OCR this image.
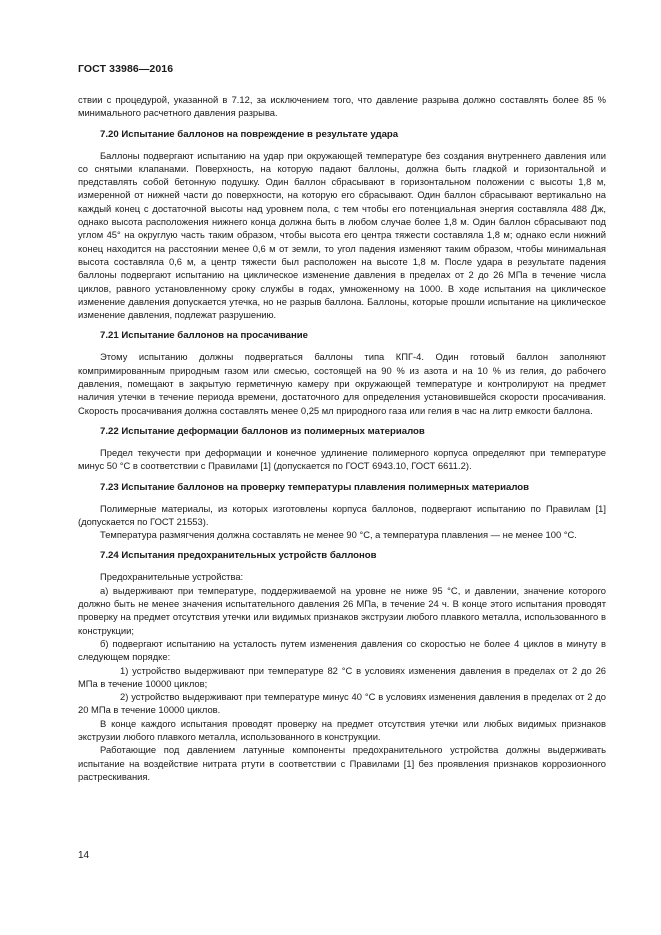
ГОСТ 33986—2016

ствии с процедурой, указанной в 7.12, за исключением того, что давление разрыва должно составлять более 85 % минимального расчетного давления разрыва.

7.20 Испытание баллонов на повреждение в результате удара

Баллоны подвергают испытанию на удар при окружающей температуре без создания внутреннего давления или со снятыми клапанами. Поверхность, на которую падают баллоны, должна быть гладкой и горизонтальной и представлять собой бетонную подушку. Один баллон сбрасывают в горизонтальном положении с высоты 1,8 м, измеренной от нижней части до поверхности, на которую его сбрасывают. Один баллон сбрасывают вертикально на каждый конец с достаточной высоты над уровнем пола, с тем чтобы его потенциальная энергия составляла 488 Дж, однако высота расположения нижнего конца должна быть в любом случае более 1,8 м. Один баллон сбрасывают под углом 45° на округлую часть таким образом, чтобы высота его центра тяжести составляла 1,8 м; однако если нижний конец находится на расстоянии менее 0,6 м от земли, то угол падения изменяют таким образом, чтобы минимальная высота составляла 0,6 м, а центр тяжести был расположен на высоте 1,8 м. После удара в результате падения баллоны подвергают испытанию на циклическое изменение давления в пределах от 2 до 26 МПа в течение числа циклов, равного установленному сроку службы в годах, умноженному на 1000. В ходе испытания на циклическое изменение давления допускается утечка, но не разрыв баллона. Баллоны, которые прошли испытание на циклическое изменение давления, подлежат разрушению.

7.21 Испытание баллонов на просачивание

Этому испытанию должны подвергаться баллоны типа КПГ-4. Один готовый баллон заполняют компримированным природным газом или смесью, состоящей на 90 % из азота и на 10 % из гелия, до рабочего давления, помещают в закрытую герметичную камеру при окружающей температуре и контролируют на предмет наличия утечки в течение периода времени, достаточного для определения установившейся скорости просачивания. Скорость просачивания должна составлять менее 0,25 мл природного газа или гелия в час на литр емкости баллона.

7.22 Испытание деформации баллонов из полимерных материалов

Предел текучести при деформации и конечное удлинение полимерного корпуса определяют при температуре минус 50 °С в соответствии с Правилами [1] (допускается по ГОСТ 6943.10, ГОСТ 6611.2).

7.23 Испытание баллонов на проверку температуры плавления полимерных материалов

Полимерные материалы, из которых изготовлены корпуса баллонов, подвергают испытанию по Правилам [1] (допускается по ГОСТ 21553).

Температура размягчения должна составлять не менее 90 °С, а температура плавления — не менее 100 °С.

7.24 Испытания предохранительных устройств баллонов

Предохранительные устройства:

а) выдерживают при температуре, поддерживаемой на уровне не ниже 95 °С, и давлении, значение которого должно быть не менее значения испытательного давления 26 МПа, в течение 24 ч. В конце этого испытания проводят проверку на предмет отсутствия утечки или видимых признаков экструзии любого плавкого металла, использованного в конструкции;

б) подвергают испытанию на усталость путем изменения давления со скоростью не более 4 циклов в минуту в следующем порядке:

1) устройство выдерживают при температуре 82 °С в условиях изменения давления в пределах от 2 до 26 МПа в течение 10000 циклов;

2) устройство выдерживают при температуре минус 40 °С в условиях изменения давления в пределах от 2 до 20 МПа в течение 10000 циклов.

В конце каждого испытания проводят проверку на предмет отсутствия утечки или любых видимых признаков экструзии любого плавкого металла, использованного в конструкции.

Работающие под давлением латунные компоненты предохранительного устройства должны выдерживать испытание на воздействие нитрата ртути в соответствии с Правилами [1] без проявления признаков коррозионного растрескивания.

14
